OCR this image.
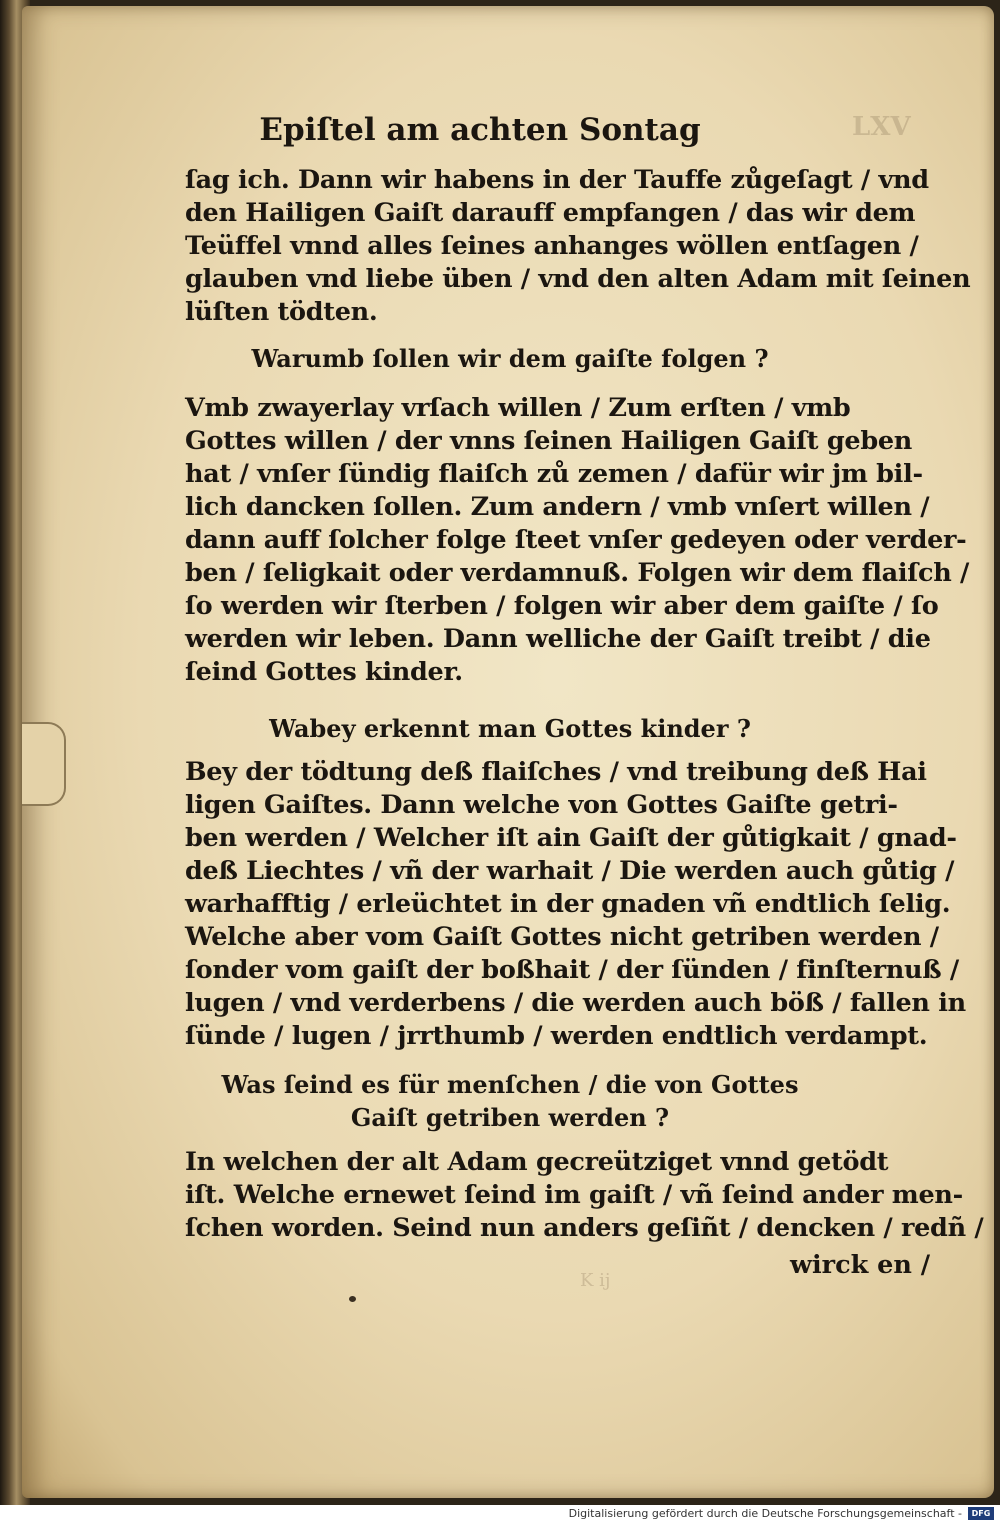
LXV
Epiſtel am achten Sontag
ſag ich. Dann wir habens in der Tauffe zůgeſagt / vnd
den Hailigen Gaiſt darauff empfangen / das wir dem
Teüffel vnnd alles ſeines anhanges wöllen entſagen /
glauben vnd liebe üben / vnd den alten Adam mit ſeinen
lüſten tödten.
Warumb ſollen wir dem gaiſte folgen ?
Vmb zwayerlay vrſach willen / Zum erſten / vmb
Gottes willen / der vnns ſeinen Hailigen Gaiſt geben
hat / vnſer ſündig flaiſch zů zemen / dafür wir jm bil-
lich dancken ſollen. Zum andern / vmb vnſert willen /
dann auff ſolcher folge ſteet vnſer gedeyen oder verder-
ben / ſeligkait oder verdamnuß. Folgen wir dem flaiſch /
ſo werden wir ſterben / folgen wir aber dem gaiſte / ſo
werden wir leben. Dann welliche der Gaiſt treibt / die
ſeind Gottes kinder.
Wabey erkennt man Gottes kinder ?
Bey der tödtung deß flaiſches / vnd treibung deß Hai
ligen Gaiſtes. Dann welche von Gottes Gaiſte getri-
ben werden / Welcher iſt ain Gaiſt der gůtigkait / gnad-
deß Liechtes / vñ der warhait / Die werden auch gůtig /
warhafftig / erleüchtet in der gnaden vñ endtlich ſelig.
Welche aber vom Gaiſt Gottes nicht getriben werden /
ſonder vom gaiſt der boßhait / der ſünden / finſternuß /
lugen / vnd verderbens / die werden auch böß / fallen in
ſünde / lugen / jrrthumb / werden endtlich verdampt.
Was ſeind es für menſchen / die von Gottes
Gaiſt getriben werden ?
In welchen der alt Adam gecreütziget vnnd getödt
iſt. Welche ernewet ſeind im gaiſt / vñ ſeind ander men-
ſchen worden. Seind nun anders geſiñt / dencken / redñ /
wirck en /
K ij
Digitalisierung gefördert durch die Deutsche Forschungsgemeinschaft -	DFG
